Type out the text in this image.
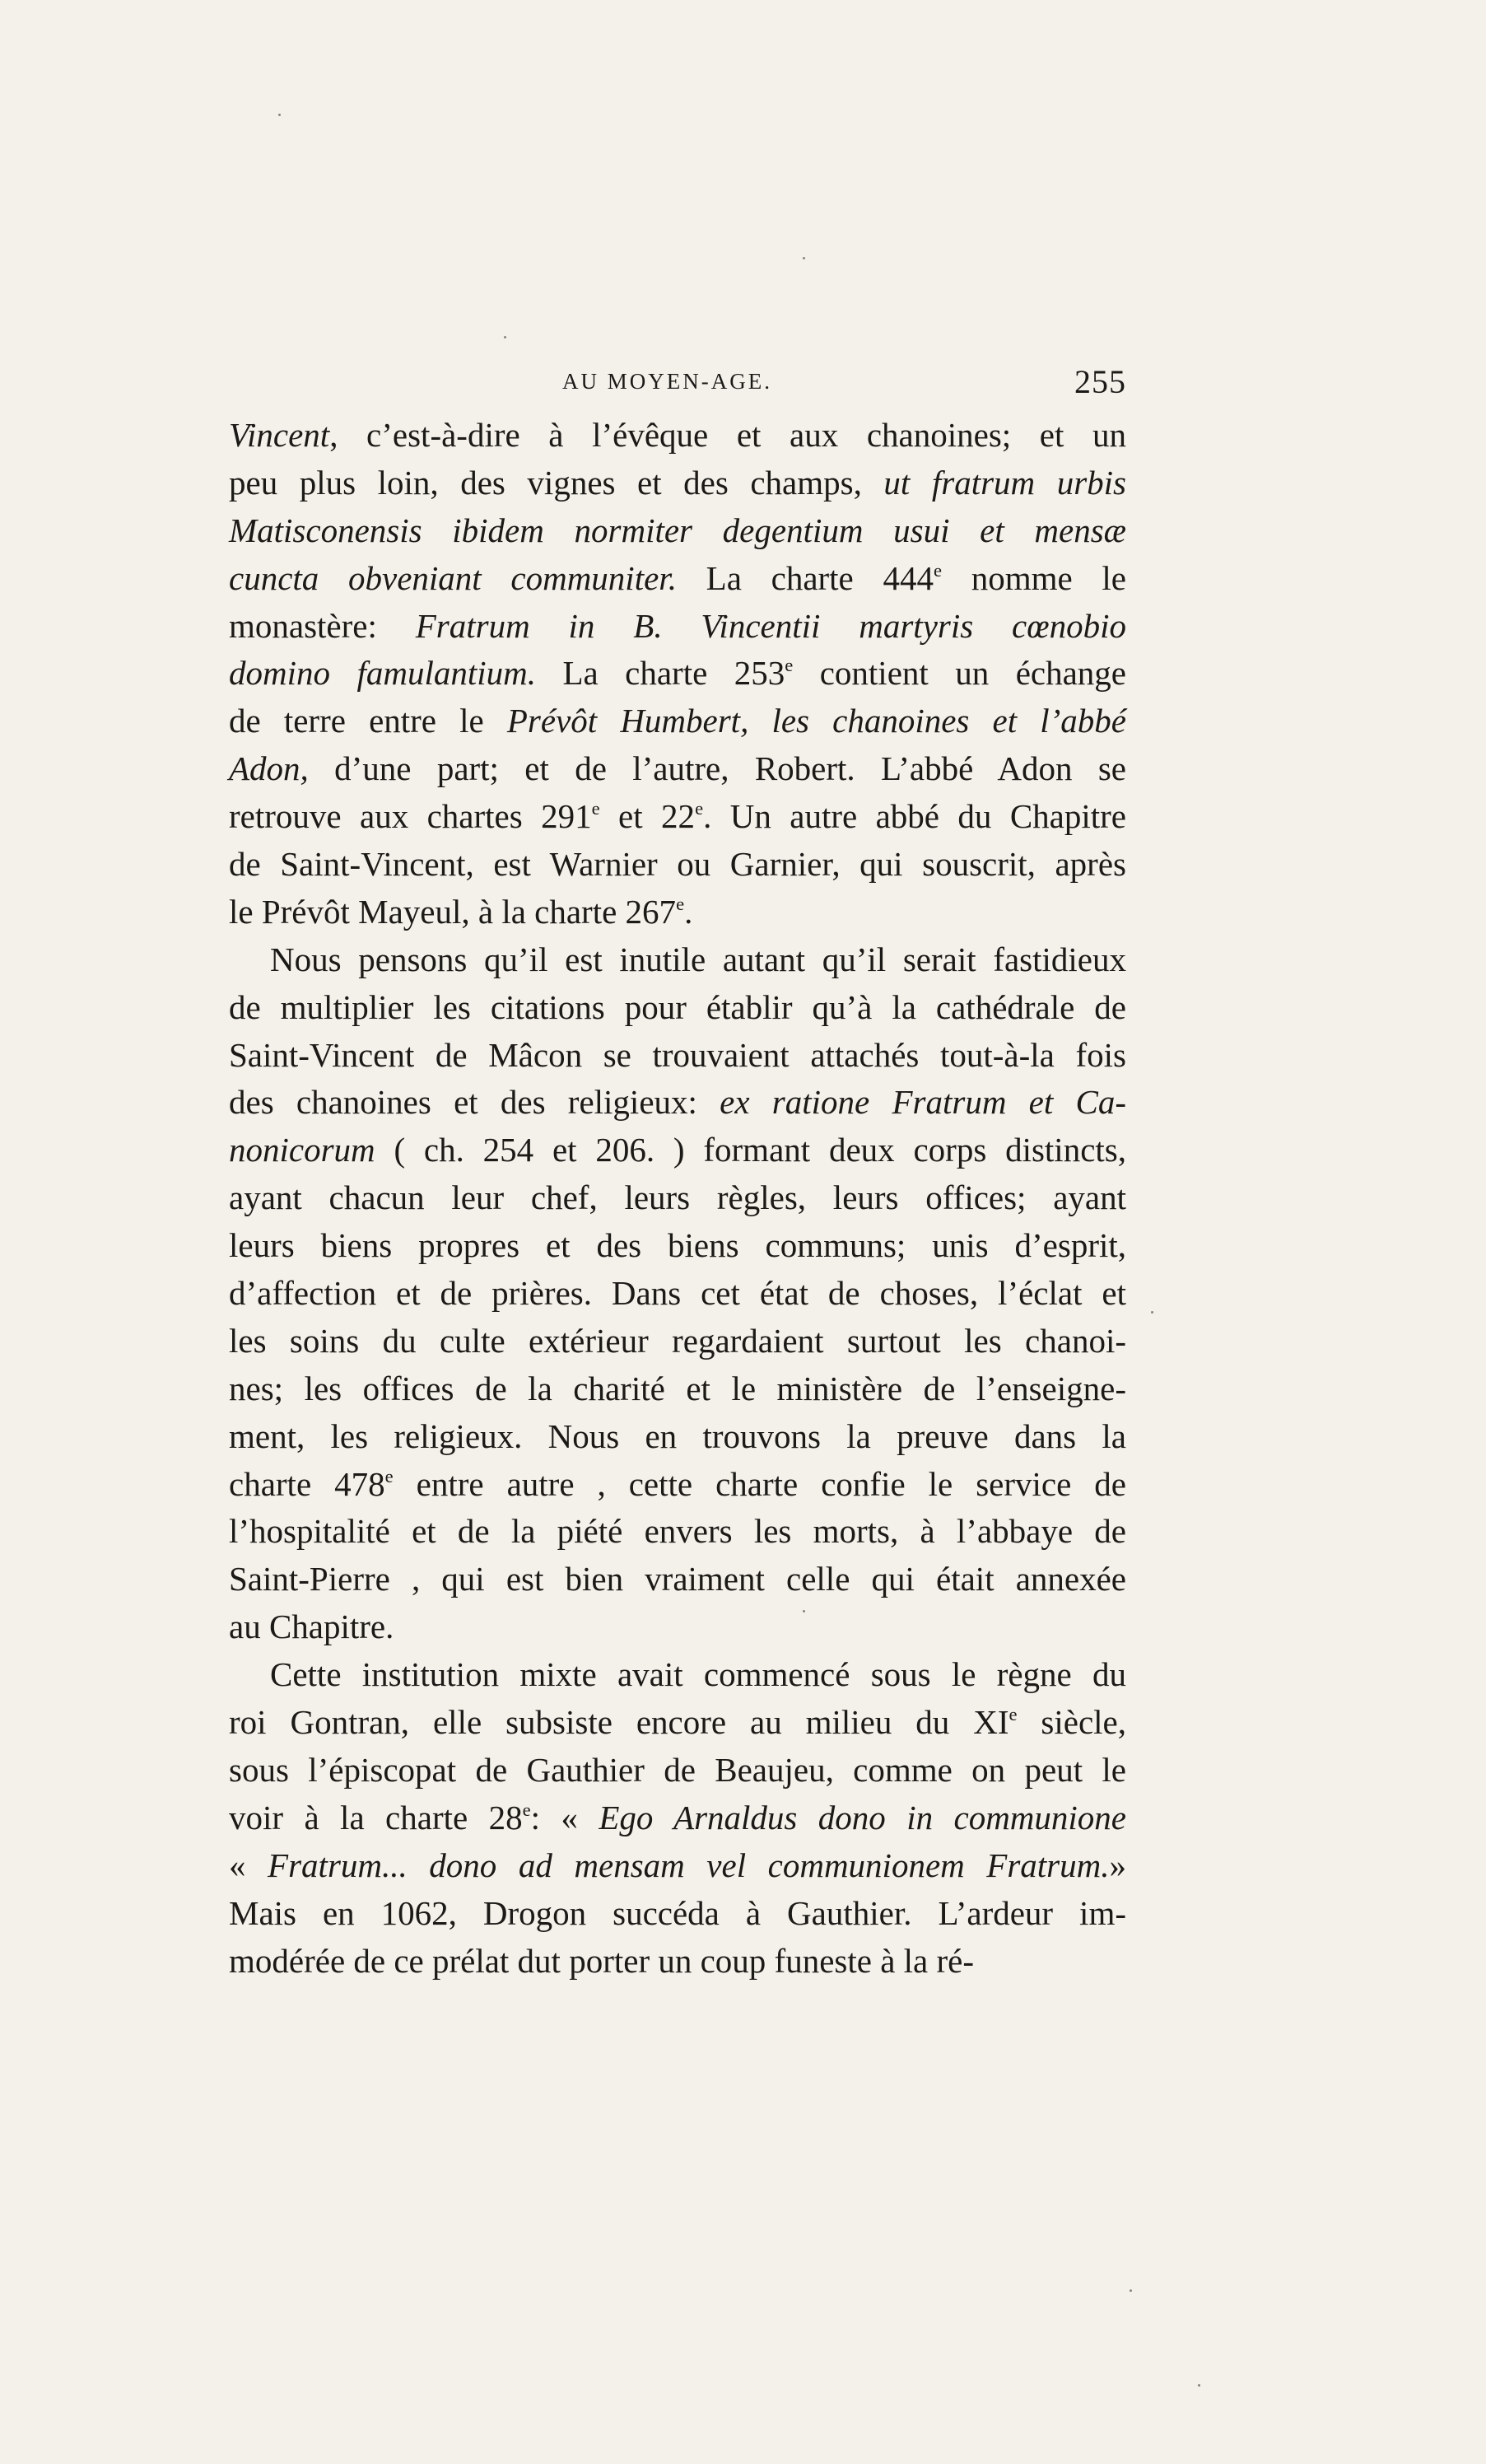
AU MOYEN-AGE.	255
Vincent, c’est-à-dire à l’évêque et aux chanoines; et un
peu plus loin, des vignes et des champs, ut fratrum urbis
Matisconensis ibidem normiter degentium usui et mensæ
cuncta obveniant communiter. La charte 444e nomme le
monastère: Fratrum in B. Vincentii martyris cœnobio
domino famulantium. La charte 253e contient un échange
de terre entre le Prévôt Humbert, les chanoines et l’abbé
Adon, d’une part; et de l’autre, Robert. L’abbé Adon se
retrouve aux chartes 291e et 22e. Un autre abbé du Chapitre
de Saint-Vincent, est Warnier ou Garnier, qui souscrit, après
le Prévôt Mayeul, à la charte 267e.
Nous pensons qu’il est inutile autant qu’il serait fastidieux
de multiplier les citations pour établir qu’à la cathédrale de
Saint-Vincent de Mâcon se trouvaient attachés tout-à-la fois
des chanoines et des religieux: ex ratione Fratrum et Ca-
nonicorum ( ch. 254 et 206. ) formant deux corps distincts,
ayant chacun leur chef, leurs règles, leurs offices; ayant
leurs biens propres et des biens communs; unis d’esprit,
d’affection et de prières. Dans cet état de choses, l’éclat et
les soins du culte extérieur regardaient surtout les chanoi-
nes; les offices de la charité et le ministère de l’enseigne-
ment, les religieux. Nous en trouvons la preuve dans la
charte 478e entre autre , cette charte confie le service de
l’hospitalité et de la piété envers les morts, à l’abbaye de
Saint-Pierre , qui est bien vraiment celle qui était annexée
au Chapitre.
Cette institution mixte avait commencé sous le règne du
roi Gontran, elle subsiste encore au milieu du XIe siècle,
sous l’épiscopat de Gauthier de Beaujeu, comme on peut le
voir à la charte 28e: « Ego Arnaldus dono in communione
« Fratrum... dono ad mensam vel communionem Fratrum.»
Mais en 1062, Drogon succéda à Gauthier. L’ardeur im-
modérée de ce prélat dut porter un coup funeste à la ré-
